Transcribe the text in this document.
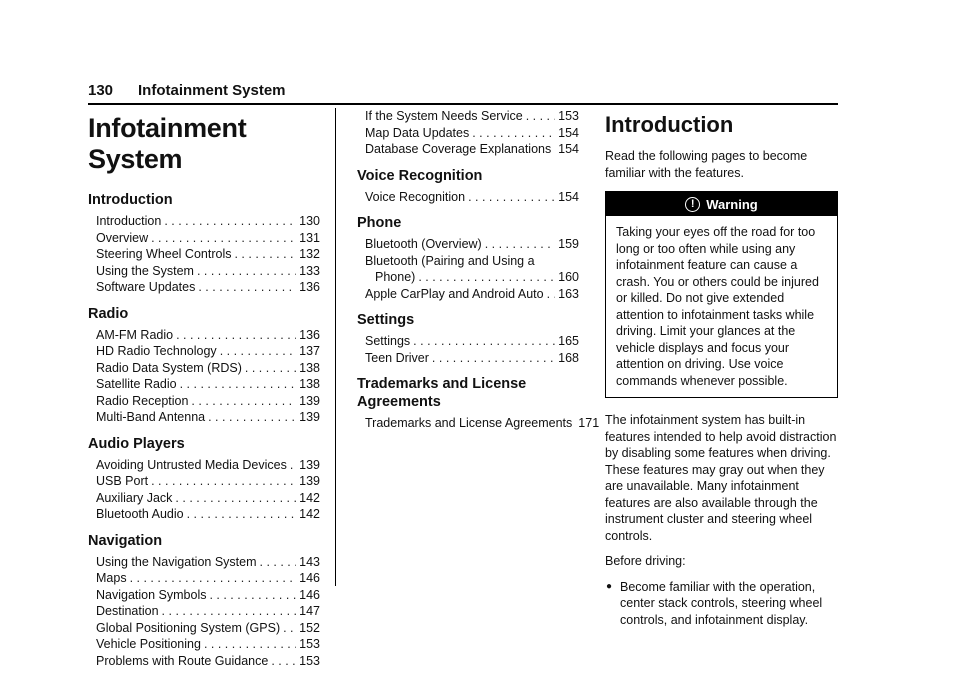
130 Infotainment System
Infotainment System
Introduction
Introduction . . .	130
Overview . . .	131
Steering Wheel Controls . . .	132
Using the System . . .	133
Software Updates . . .	136
Radio
AM-FM Radio . . .	136
HD Radio Technology . . .	137
Radio Data System (RDS) . . .	138
Satellite Radio . . .	138
Radio Reception . . .	139
Multi-Band Antenna . . .	139
Audio Players
Avoiding Untrusted Media Devices . . . 139
USB Port . . .	139
Auxiliary Jack . . .	142
Bluetooth Audio . . .	142
Navigation
Using the Navigation System . . .	143
Maps . . .	146
Navigation Symbols . . .	146
Destination . . .	147
Global Positioning System (GPS) . . . 152
Vehicle Positioning . . .	153
Problems with Route Guidance . . . 153
If the System Needs Service . . .	153
Map Data Updates . . .	154
Database Coverage Explanations . . . 154
Voice Recognition
Voice Recognition . . .	154
Phone
Bluetooth (Overview) . . .	159
Bluetooth (Pairing and Using a
Phone) . . .	160
Apple CarPlay and Android Auto . . . 163
Settings
Settings . . .	165
Teen Driver . . .	168
Trademarks and License Agreements
Trademarks and License Agreements 171
Introduction

Read the following pages to become familiar with the features.

! Warning
Taking your eyes off the road for too long or too often while using any infotainment feature can cause a crash. You or others could be injured or killed. Do not give extended attention to infotainment tasks while driving. Limit your glances at the vehicle displays and focus your attention on driving. Use voice commands whenever possible.

The infotainment system has built-in features intended to help avoid distraction by disabling some features when driving. These features may gray out when they are unavailable. Many infotainment features are also available through the instrument cluster and steering wheel controls.

Before driving:

● Become familiar with the operation, center stack controls, steering wheel controls, and infotainment display.
